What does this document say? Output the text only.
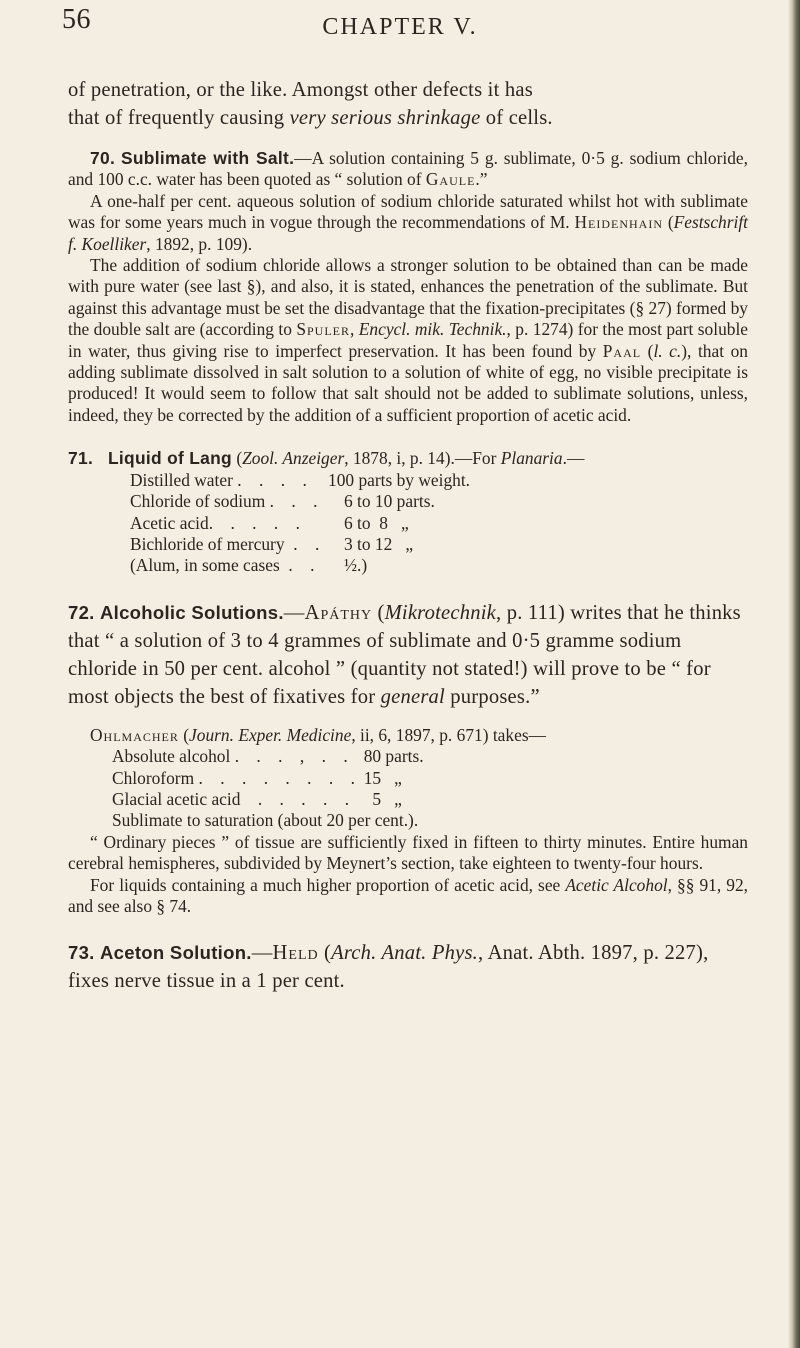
56	CHAPTER V.

of penetration, or the like. Amongst other defects it has

that of frequently causing very serious shrinkage of cells.

70. Sublimate with Salt.—A solution containing 5 g. sublimate, 0·5 g. sodium chloride, and 100 c.c. water has been quoted as “ solution of Gaule.”

A one-half per cent. aqueous solution of sodium chloride saturated whilst hot with sublimate was for some years much in vogue through the recommendations of M. Heidenhain (Festschrift f. Koelliker, 1892, p. 109).

The addition of sodium chloride allows a stronger solution to be obtained than can be made with pure water (see last §), and also, it is stated, enhances the penetration of the sublimate. But against this advantage must be set the disadvantage that the fixation-precipitates (§ 27) formed by the double salt are (according to Spuler, Encycl. mik. Technik., p. 1274) for the most part soluble in water, thus giving rise to imperfect preservation. It has been found by Paal (l. c.), that on adding sublimate dissolved in salt solution to a solution of white of egg, no visible precipitate is produced! It would seem to follow that salt should not be added to sublimate solutions, unless, indeed, they be corrected by the addition of a sufficient proportion of acetic acid.

71. Liquid of Lang (Zool. Anzeiger, 1878, i, p. 14).—For Planaria.—
Distilled water .    .    .    .	100 parts by weight.
Chloride of sodium .    .    .	6 to 10 parts.
Acetic acid.    .    .    .    .	6 to  8   „
Bichloride of mercury  .    .	3 to 12   „
(Alum, in some cases  .    .	½.)

72. Alcoholic Solutions.—Apáthy (Mikrotechnik, p. 111) writes that he thinks that “ a solution of 3 to 4 grammes of sublimate and 0·5 gramme sodium chloride in 50 per cent. alcohol ” (quantity not stated!) will prove to be “ for most objects the best of fixatives for general purposes.”

Ohlmacher (Journ. Exper. Medicine, ii, 6, 1897, p. 671) takes—

Absolute alcohol .    .    .    ,    .    .	80 parts.
Chloroform .    .    .    .    .    .    .    .	15   „
Glacial acetic acid    .    .    .    .    .	5   „

Sublimate to saturation (about 20 per cent.).

“ Ordinary pieces ” of tissue are sufficiently fixed in fifteen to thirty minutes. Entire human cerebral hemispheres, subdivided by Meynert’s section, take eighteen to twenty-four hours.

For liquids containing a much higher proportion of acetic acid, see Acetic Alcohol, §§ 91, 92, and see also § 74.

73. Aceton Solution.—Held (Arch. Anat. Phys., Anat. Abth. 1897, p. 227), fixes nerve tissue in a 1 per cent.
